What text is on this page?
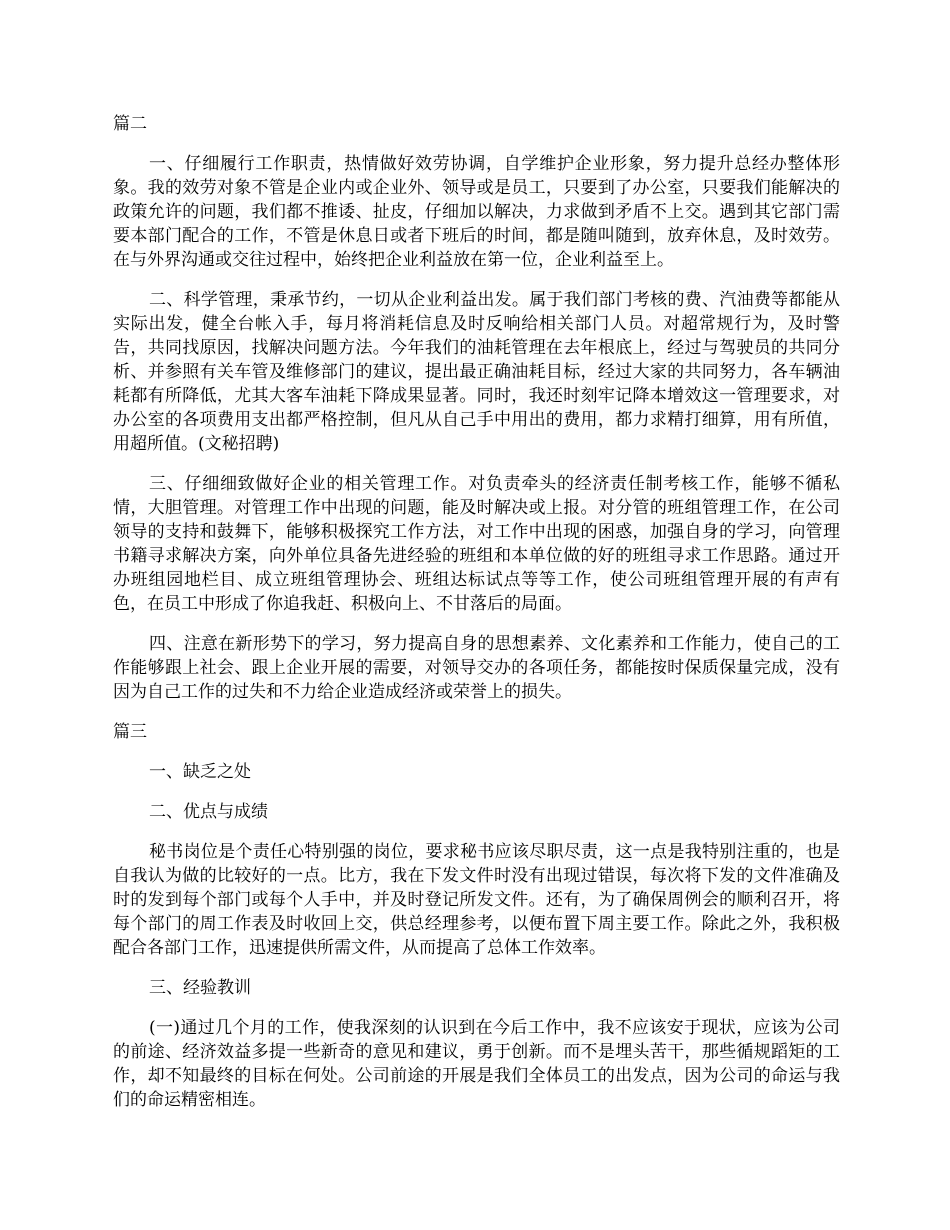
篇二

一、仔细履行工作职责，热情做好效劳协调，自学维护企业形象，努力提升总经办整体形象。我的效劳对象不管是企业内或企业外、领导或是员工，只要到了办公室，只要我们能解决的政策允许的问题，我们都不推诿、扯皮，仔细加以解决，力求做到矛盾不上交。遇到其它部门需要本部门配合的工作，不管是休息日或者下班后的时间，都是随叫随到，放弃休息，及时效劳。在与外界沟通或交往过程中，始终把企业利益放在第一位，企业利益至上。

二、科学管理，秉承节约，一切从企业利益出发。属于我们部门考核的费、汽油费等都能从实际出发，健全台帐入手，每月将消耗信息及时反响给相关部门人员。对超常规行为，及时警告，共同找原因，找解决问题方法。今年我们的油耗管理在去年根底上，经过与驾驶员的共同分析、并参照有关车管及维修部门的建议，提出最正确油耗目标，经过大家的共同努力，各车辆油耗都有所降低，尤其大客车油耗下降成果显著。同时，我还时刻牢记降本增效这一管理要求，对办公室的各项费用支出都严格控制，但凡从自己手中用出的费用，都力求精打细算，用有所值，用超所值。(文秘招聘)

三、仔细细致做好企业的相关管理工作。对负责牵头的经济责任制考核工作，能够不循私情，大胆管理。对管理工作中出现的问题，能及时解决或上报。对分管的班组管理工作，在公司领导的支持和鼓舞下，能够积极探究工作方法，对工作中出现的困惑，加强自身的学习，向管理书籍寻求解决方案，向外单位具备先进经验的班组和本单位做的好的班组寻求工作思路。通过开办班组园地栏目、成立班组管理协会、班组达标试点等等工作，使公司班组管理开展的有声有色，在员工中形成了你追我赶、积极向上、不甘落后的局面。

四、注意在新形势下的学习，努力提高自身的思想素养、文化素养和工作能力，使自己的工作能够跟上社会、跟上企业开展的需要，对领导交办的各项任务，都能按时保质保量完成，没有因为自己工作的过失和不力给企业造成经济或荣誉上的损失。

篇三

一、缺乏之处

二、优点与成绩

秘书岗位是个责任心特别强的岗位，要求秘书应该尽职尽责，这一点是我特别注重的，也是自我认为做的比较好的一点。比方，我在下发文件时没有出现过错误，每次将下发的文件准确及时的发到每个部门或每个人手中，并及时登记所发文件。还有，为了确保周例会的顺利召开，将每个部门的周工作表及时收回上交，供总经理参考，以便布置下周主要工作。除此之外，我积极配合各部门工作，迅速提供所需文件，从而提高了总体工作效率。

三、经验教训

(一)通过几个月的工作，使我深刻的认识到在今后工作中，我不应该安于现状，应该为公司的前途、经济效益多提一些新奇的意见和建议，勇于创新。而不是埋头苦干，那些循规蹈矩的工作，却不知最终的目标在何处。公司前途的开展是我们全体员工的出发点，因为公司的命运与我们的命运精密相连。
